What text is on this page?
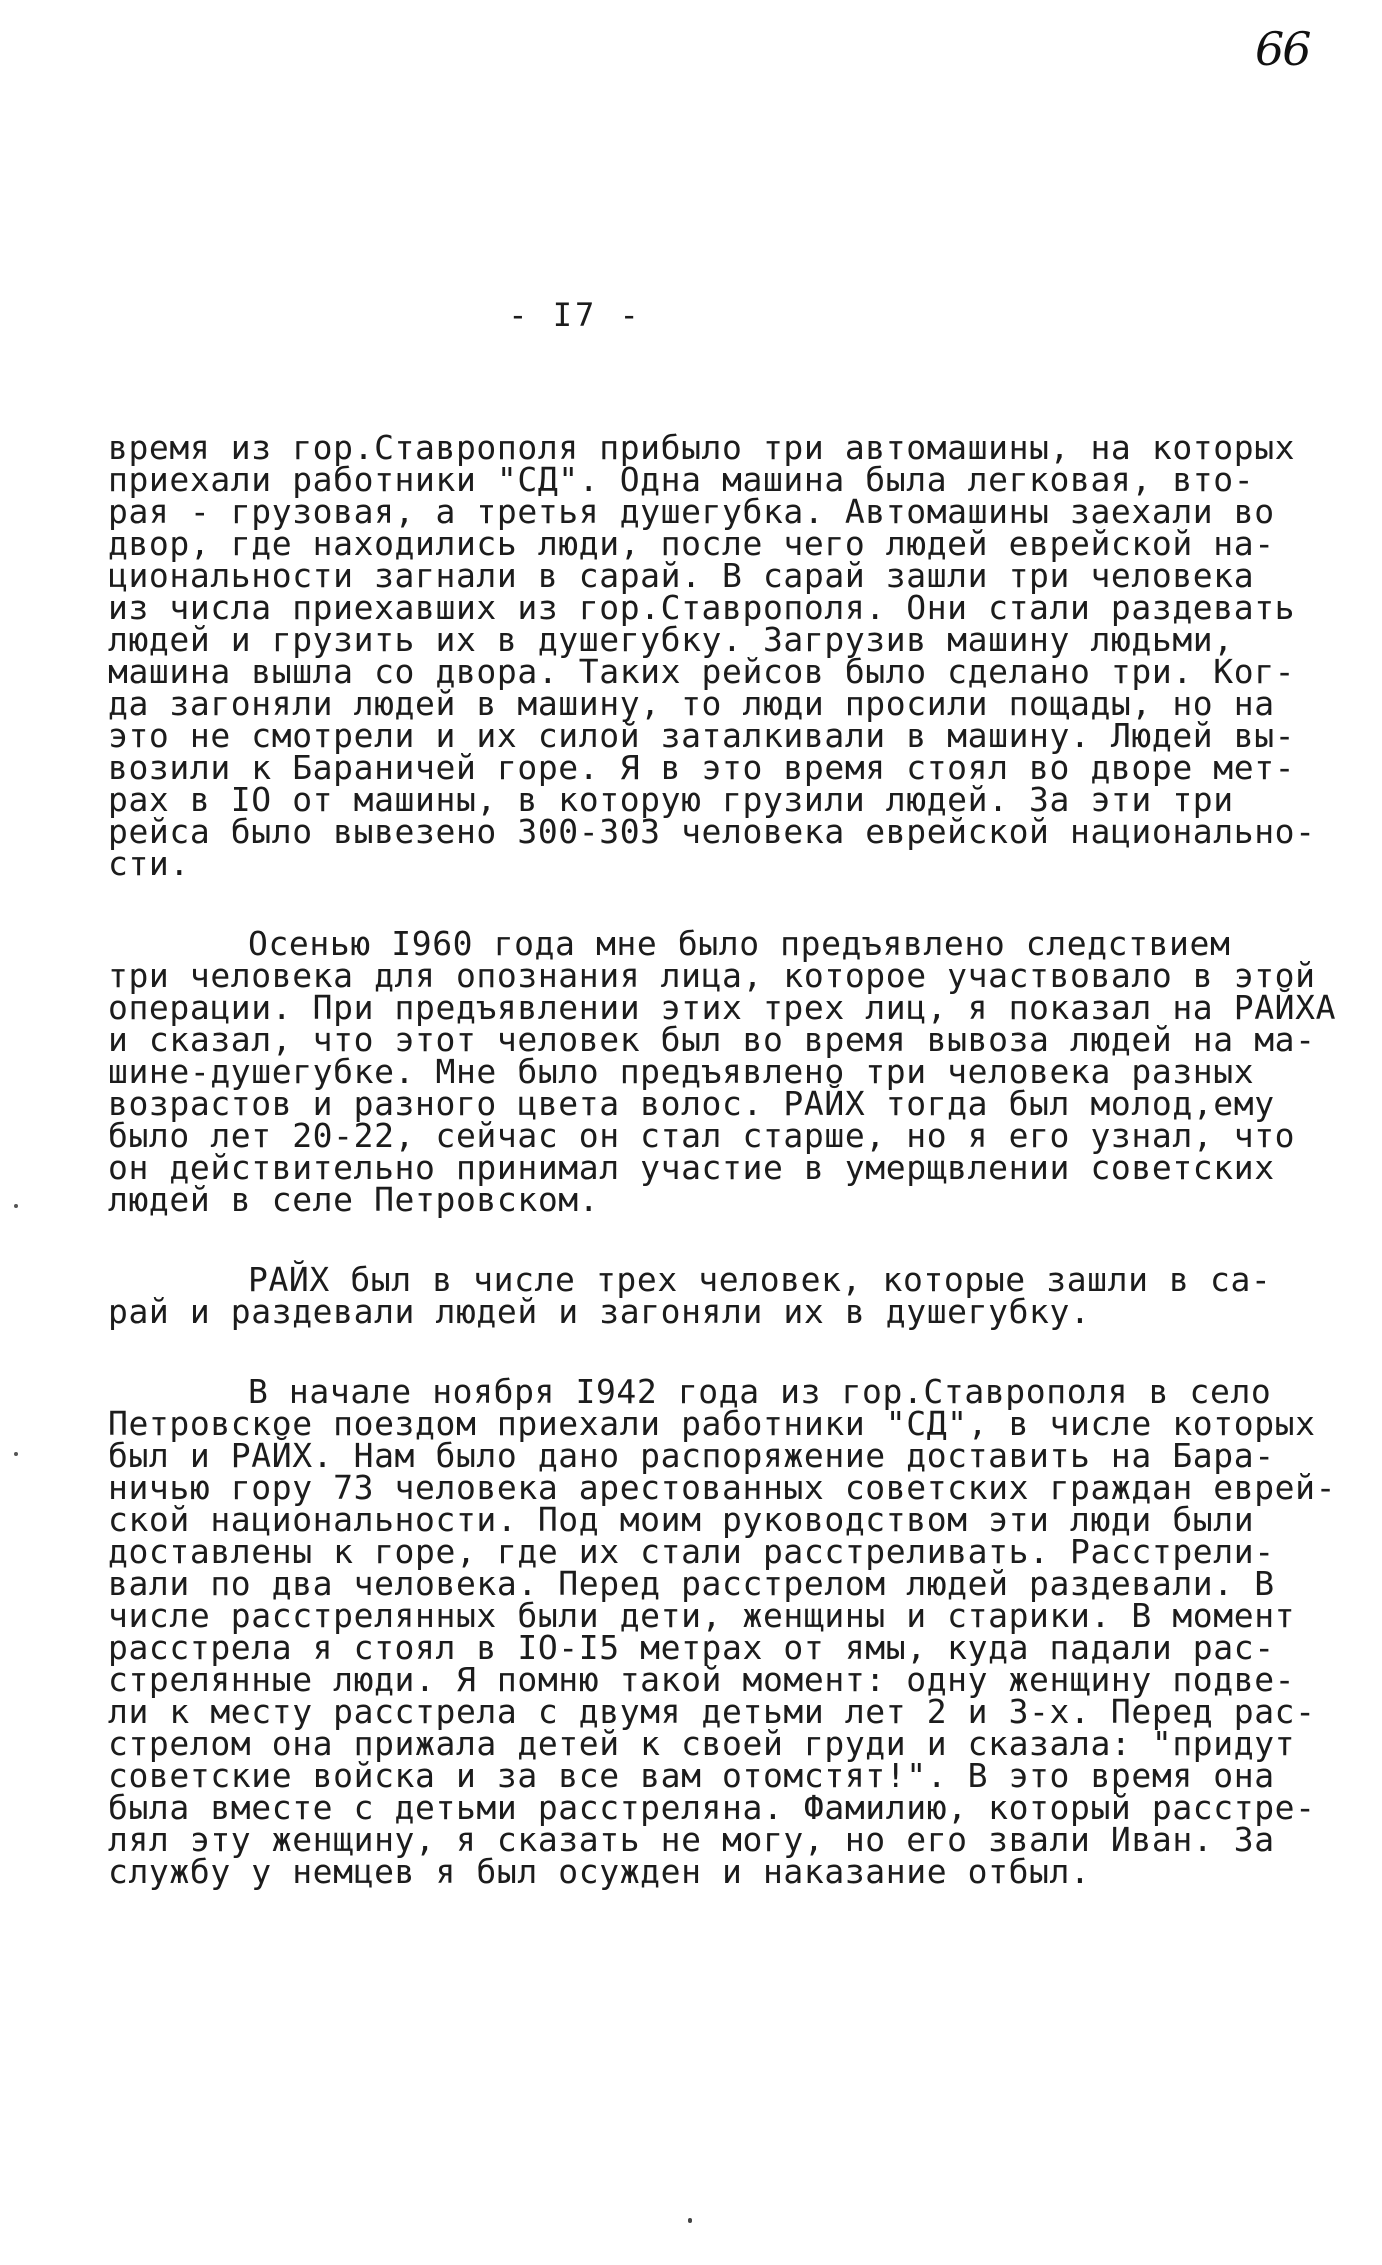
66
- I7 -
время из гор.Ставрополя прибыло три автомашины, на которых
приехали работники "СД". Одна машина была легковая, вто-
рая - грузовая, а третья душегубка. Автомашины заехали во
двор, где находились люди, после чего людей еврейской на-
циональности загнали в сарай. В сарай зашли три человека
из числа приехавших из гор.Ставрополя. Они стали раздевать
людей и грузить их в душегубку. Загрузив машину людьми,
машина вышла со двора. Таких рейсов было сделано три. Ког-
да загоняли людей в машину, то люди просили пощады, но на
это не смотрели и их силой заталкивали в машину. Людей вы-
возили к Бараничей горе. Я в это время стоял во дворе мет-
рах в IO от машины, в которую грузили людей. За эти три
рейса было вывезено 300-303 человека еврейской национально-
сти.
Осенью I960 года мне было предъявлено следствием
три человека для опознания лица, которое участвовало в этой
операции. При предъявлении этих трех лиц, я показал на РАЙХА
и сказал, что этот человек был во время вывоза людей на ма-
шине-душегубке. Мне было предъявлено три человека разных
возрастов и разного цвета волос. РАЙХ тогда был молод,ему
было лет 20-22, сейчас он стал старше, но я его узнал, что
он действительно принимал участие в умерщвлении советских
людей в селе Петровском.
РАЙХ был в числе трех человек, которые зашли в са-
рай и раздевали людей и загоняли их в душегубку.
В начале ноября I942 года из гор.Ставрополя в село
Петровское поездом приехали работники "СД", в числе которых
был и РАЙХ. Нам было дано распоряжение доставить на Бара-
ничью гору 73 человека арестованных советских граждан еврей-
ской национальности. Под моим руководством эти люди были
доставлены к горе, где их стали расстреливать. Расстрели-
вали по два человека. Перед расстрелом людей раздевали. В
числе расстрелянных были дети, женщины и старики. В момент
расстрела я стоял в IO-I5 метрах от ямы, куда падали рас-
стрелянные люди. Я помню такой момент: одну женщину подве-
ли к месту расстрела с двумя детьми лет 2 и 3-х. Перед рас-
стрелом она прижала детей к своей груди и сказала: "придут
советские войска и за все вам отомстят!". В это время она
была вместе с детьми расстреляна. Фамилию, который расстре-
лял эту женщину, я сказать не могу, но его звали Иван. За
службу у немцев я был осужден и наказание отбыл.
